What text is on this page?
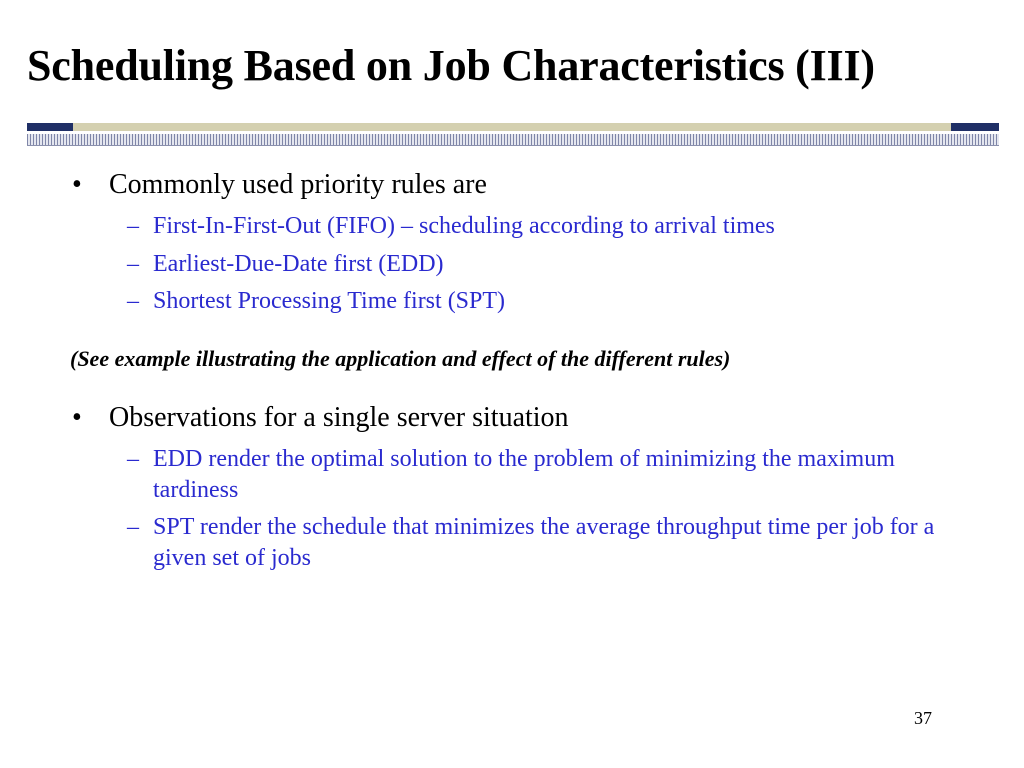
Scheduling Based on Job Characteristics (III)
• Commonly used priority rules are
– First-In-First-Out (FIFO) – scheduling according to arrival times
– Earliest-Due-Date first (EDD)
– Shortest Processing Time first (SPT)
(See example illustrating the application and effect of the different rules)
• Observations for a single server situation
– EDD render the optimal solution to the problem of minimizing the maximum tardiness
– SPT render the schedule that minimizes the average throughput time per job for a given set of jobs
37
